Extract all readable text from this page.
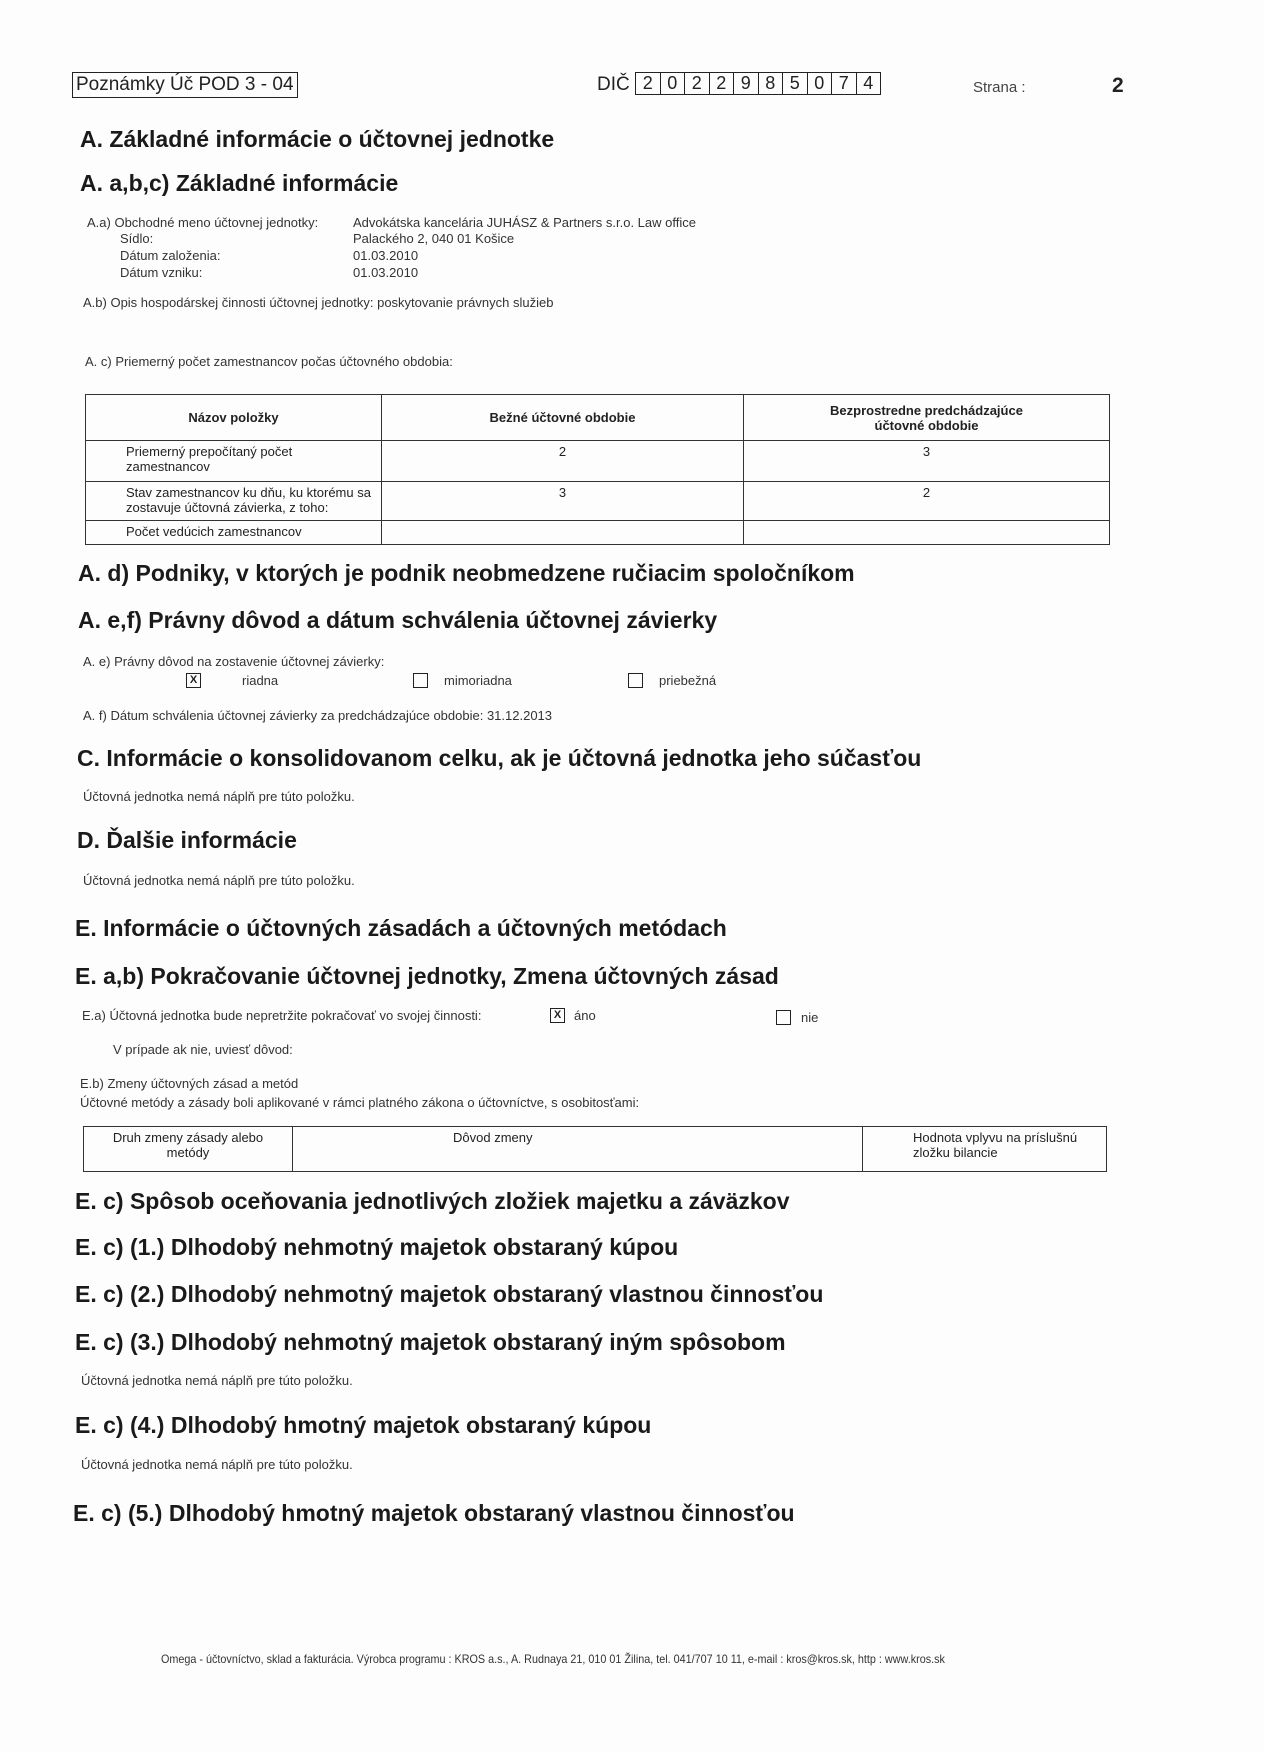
Poznámky Úč POD 3 - 04	DIČ 2 0 2 2 9 8 5 0 7 4	Strana :	2
A. Základné informácie o účtovnej jednotke
A. a,b,c) Základné informácie
A.a) Obchodné meno účtovnej jednotky:	Advokátska kancelária JUHÁSZ & Partners s.r.o. Law office
Sídlo:	Palackého 2, 040 01 Košice
Dátum založenia:	01.03.2010
Dátum vzniku:	01.03.2010
A.b) Opis hospodárskej činnosti účtovnej jednotky: poskytovanie právnych služieb
A. c) Priemerný počet zamestnancov počas účtovného obdobia:
Názov položky	Bežné účtovné obdobie	Bezprostredne predchádzajúce účtovné obdobie
Priemerný prepočítaný počet zamestnancov	2	3
Stav zamestnancov ku dňu, ku ktorému sa zostavuje účtovná závierka, z toho:	3	2
Počet vedúcich zamestnancov		
A. d) Podniky, v ktorých je podnik neobmedzene ručiacim spoločníkom
A. e,f) Právny dôvod a dátum schválenia účtovnej závierky
A. e) Právny dôvod na zostavenie účtovnej závierky:
X	riadna	mimoriadna	priebežná
A. f) Dátum schválenia účtovnej závierky za predchádzajúce obdobie: 31.12.2013
C. Informácie o konsolidovanom celku, ak je účtovná jednotka jeho súčasťou
Účtovná jednotka nemá náplň pre túto položku.
D. Ďalšie informácie
Účtovná jednotka nemá náplň pre túto položku.
E. Informácie o účtovných zásadách a účtovných metódach
E. a,b) Pokračovanie účtovnej jednotky, Zmena účtovných zásad
E.a) Účtovná jednotka bude nepretržite pokračovať vo svojej činnosti:	X áno	nie
V prípade ak nie, uviesť dôvod:
E.b) Zmeny účtovných zásad a metód
Účtovné metódy a zásady boli aplikované v rámci platného zákona o účtovníctve, s osobitosťami:
Druh zmeny zásady alebo metódy	Dôvod zmeny	Hodnota vplyvu na príslušnú zložku bilancie
E. c) Spôsob oceňovania jednotlivých zložiek majetku a záväzkov
E. c) (1.) Dlhodobý nehmotný majetok obstaraný kúpou
E. c) (2.) Dlhodobý nehmotný majetok obstaraný vlastnou činnosťou
E. c) (3.) Dlhodobý nehmotný majetok obstaraný iným spôsobom
Účtovná jednotka nemá náplň pre túto položku.
E. c) (4.) Dlhodobý hmotný majetok obstaraný kúpou
Účtovná jednotka nemá náplň pre túto položku.
E. c) (5.) Dlhodobý hmotný majetok obstaraný vlastnou činnosťou
Omega - účtovníctvo, sklad a fakturácia. Výrobca programu : KROS a.s., A. Rudnaya 21, 010 01 Žilina, tel. 041/707 10 11, e-mail : kros@kros.sk, http : www.kros.sk
